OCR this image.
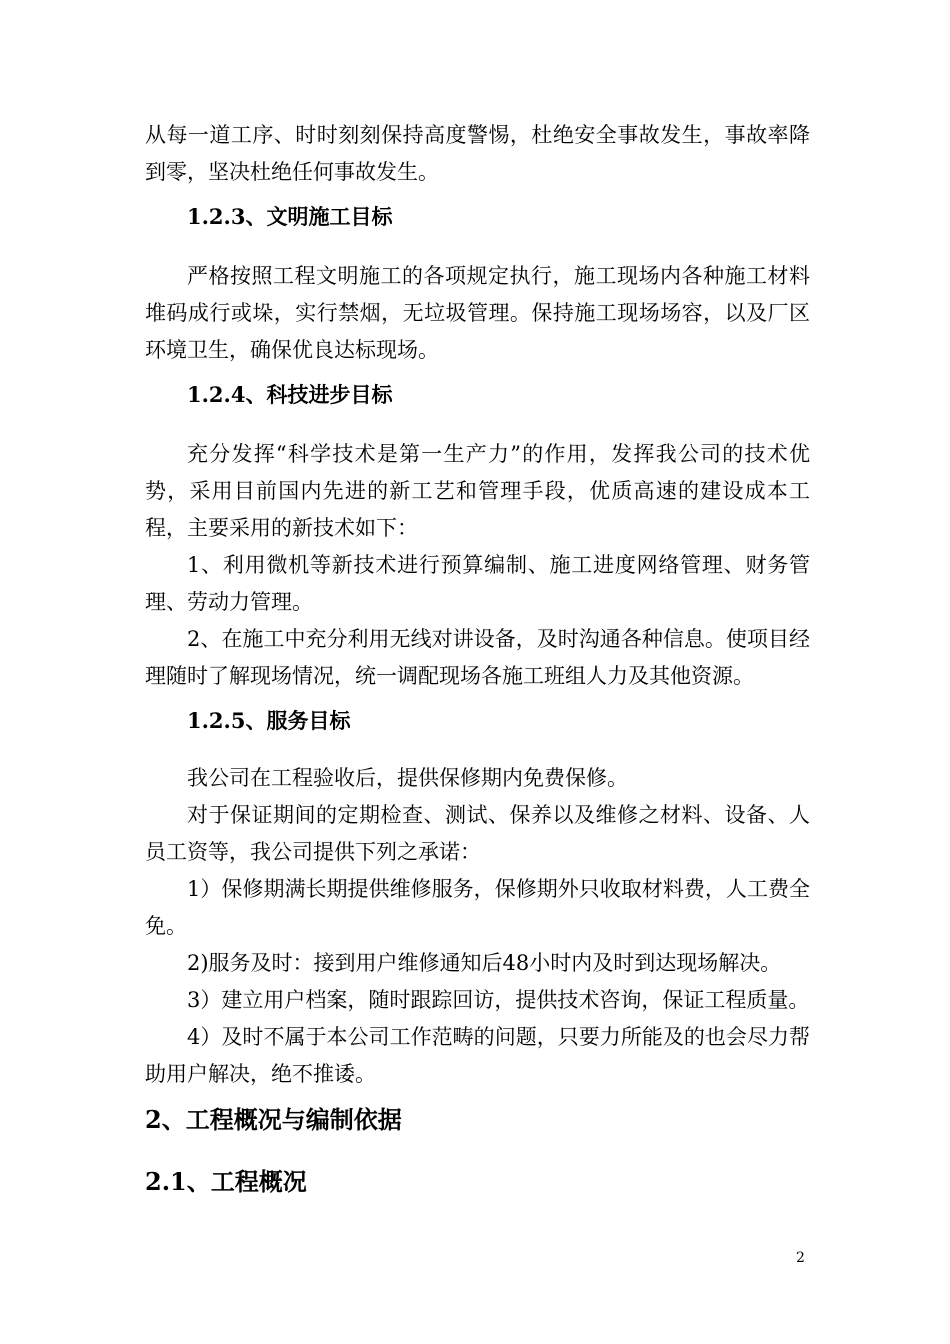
从每一道工序、时时刻刻保持高度警惕，杜绝安全事故发生，事故率降到零，坚决杜绝任何事故发生。
1.2.3、文明施工目标
严格按照工程文明施工的各项规定执行，施工现场内各种施工材料堆码成行或垛，实行禁烟，无垃圾管理。保持施工现场场容，以及厂区环境卫生，确保优良达标现场。
1.2.4、科技进步目标
充分发挥“科学技术是第一生产力”的作用，发挥我公司的技术优势，采用目前国内先进的新工艺和管理手段，优质高速的建设成本工程，主要采用的新技术如下：
1、利用微机等新技术进行预算编制、施工进度网络管理、财务管理、劳动力管理。
2、在施工中充分利用无线对讲设备，及时沟通各种信息。使项目经理随时了解现场情况，统一调配现场各施工班组人力及其他资源。
1.2.5、服务目标
我公司在工程验收后，提供保修期内免费保修。
对于保证期间的定期检查、测试、保养以及维修之材料、设备、人员工资等，我公司提供下列之承诺：
1）保修期满长期提供维修服务，保修期外只收取材料费，人工费全免。
2)服务及时：接到用户维修通知后48小时内及时到达现场解决。
3）建立用户档案，随时跟踪回访，提供技术咨询，保证工程质量。
4）及时不属于本公司工作范畴的问题，只要力所能及的也会尽力帮助用户解决，绝不推诿。
2、工程概况与编制依据
2.1、工程概况
2
